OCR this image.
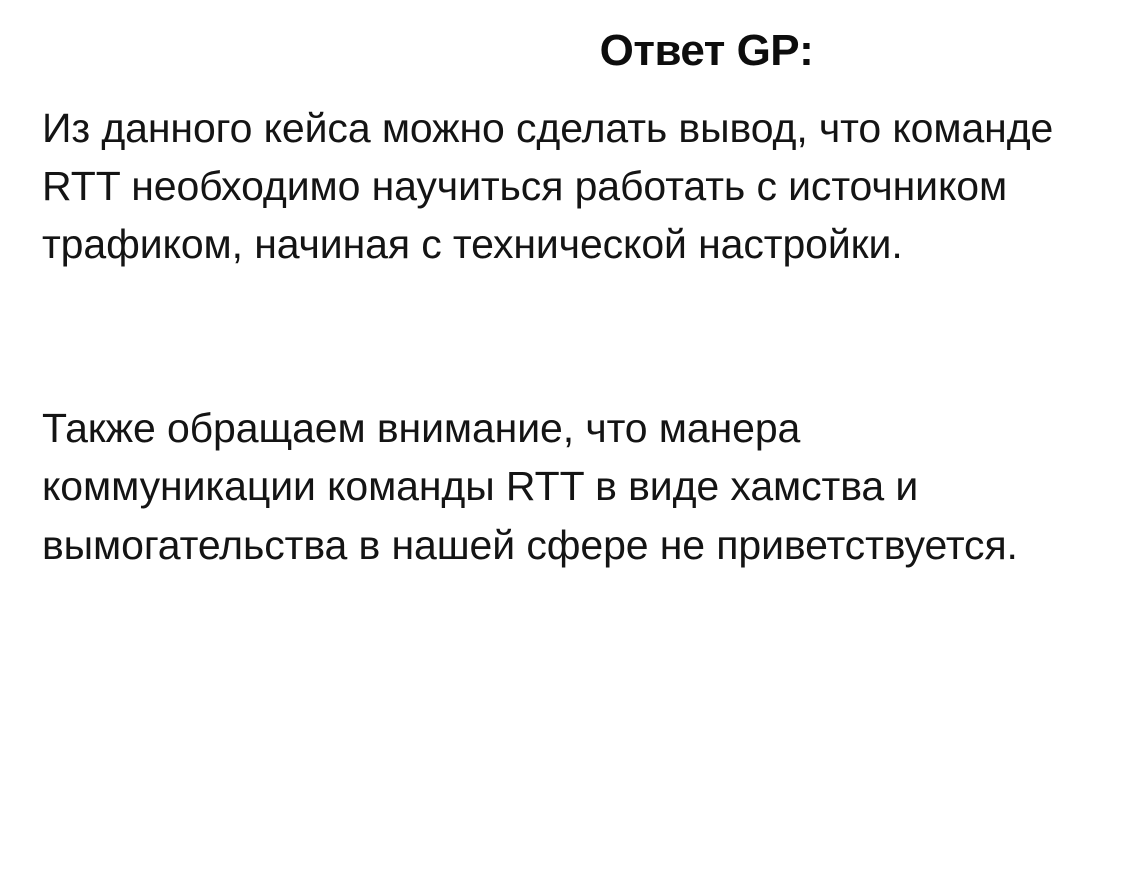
Ответ GP:

Из данного кейса можно сделать вывод, что команде RTT необходимо научиться работать с источником трафиком, начиная с технической настройки.

Также обращаем внимание, что манера коммуникации команды RTT в виде хамства и вымогательства в нашей сфере не приветствуется.
